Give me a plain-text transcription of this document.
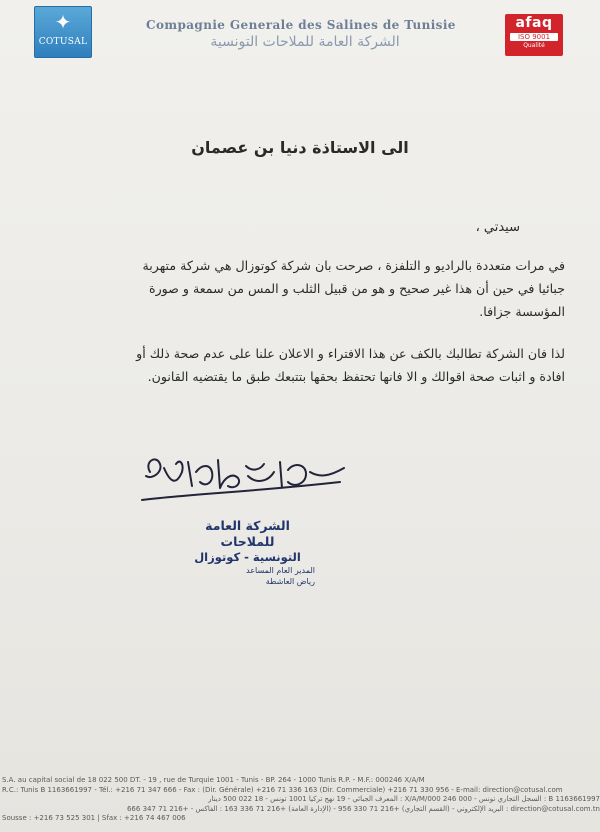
✦
COTUSAL
Compagnie Generale des Salines de Tunisie
الشركة العامة للملاحات التونسية
afaq
ISO 9001
Qualité
الى الاستاذة دنيا بن عصمان
سيدتي ،
في مرات متعددة بالراديو و التلفزة ، صرحت بان شركة كوتوزال هي شركة متهربة
جبائيا في حين أن هذا غير صحيح و هو من قبيل الثلب و المس من سمعة و صورة
المؤسسة جزافا.
لذا فان الشركة تطالبك بالكف عن هذا الافتراء و الاعلان علنا على عدم صحة ذلك أو
افادة و اثبات صحة اقوالك و الا فانها تحتفظ بحقها بتتبعك طبق ما يقتضيه القانون.
الشركة العامة للملاحات
التونسية - كوتوزال
المدير العام المساعد
رياض العاشطة
S.A. au capital social de 18 022 500 DT. - 19 , rue de Turquie 1001 - Tunis - BP. 264 - 1000 Tunis R.P. - M.F.: 000246 X/A/M
R.C.: Tunis B 1163661997 - Tél.: +216 71 347 666 - Fax : (Dir. Générale) +216 71 336 163 (Dir. Commerciale) +216 71 330 956 - E-mail: direction@cotusal.com
B 1163661997 : السجل التجاري تونس - 000 246 X/A/M/000 : المعرف الجبائي - 19 نهج تركيا 1001 تونس - 18 022 500 دينار
direction@cotusal.com.tn : البريد الإلكتروني - (القسم التجاري) +216 71 330 956 - (الإدارة العامة) +216 71 336 163 : الفاكس - +216 71 347 666
Sousse : +216 73 525 301 | Sfax : +216 74 467 006
